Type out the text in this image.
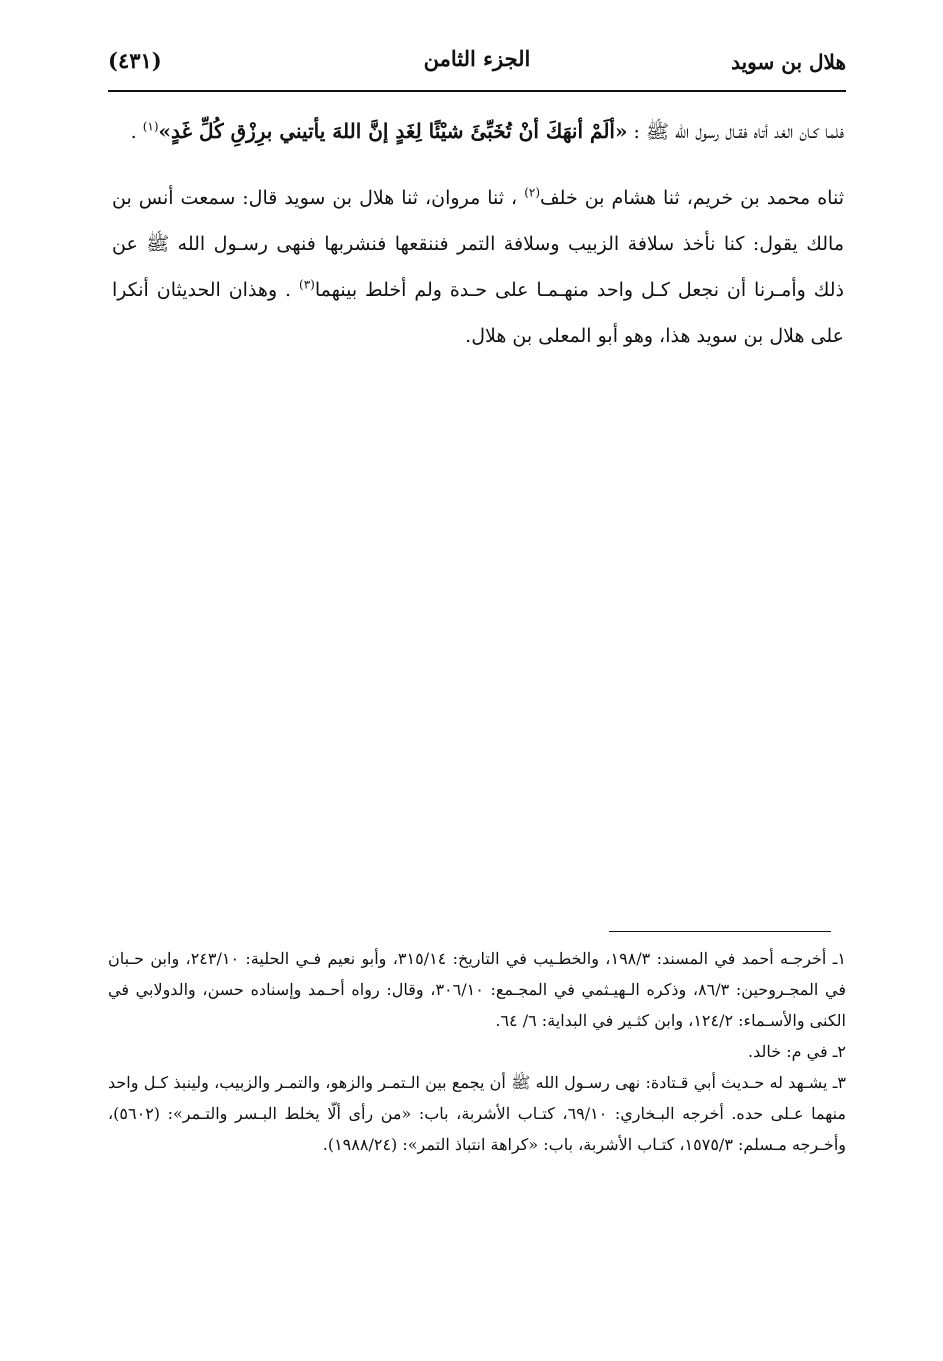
هلال بن سويد
الجزء الثامن
(٤٣١)

فلما كـان الغد أتاه فقـال رسول الله ﷺ : «ألَمْ أنهَكَ أنْ تُخَبِّئَ شيْئًا لِغَدٍ إنَّ اللهَ يأتيني برِزْقِ كُلِّ غَدٍ»$^{(١)}$ .

ثناه محمد بن خريم، ثنا هشام بن خلف$^{(٢)}$ ، ثنا مروان، ثنا هلال بن سويد قال: سمعت أنس بن مالك يقول: كنا نأخذ سلافة الزبيب وسلافة التمر فننقعها فنشربها فنهى رسـول الله ﷺ عن ذلك وأمـرنا أن نجعل كـل واحد منهـمـا على حـدة ولم أخلط بينهما$^{(٣)}$ . وهذان الحديثان أنكرا على هلال بن سويد هذا، وهو أبو المعلى بن هلال.

١ـ أخرجـه أحمد في المسند: ١٩٨/٣، والخطـيب في التاريخ: ٣١٥/١٤، وأبو نعيم فـي الحلية: ٢٤٣/١٠، وابن حـبان في المجـروحين: ٨٦/٣، وذكره الـهيـثمي في المجـمع: ٣٠٦/١٠، وقال: رواه أحـمد وإسناده حسن، والدولابي في الكنى والأسـماء: ١٢٤/٢، وابن كثـير في البداية: ٦/ ٦٤.

٢ـ في م: خالد.

٣ـ يشـهد له حـديث أبي قـتادة: نهى رسـول الله ﷺ أن يجمع بين الـتمـر والزهو، والتمـر والزبيب، ولينبذ كـل واحد منهما عـلى حده. أخرجه البـخاري: ٦٩/١٠، كتـاب الأشربة، باب: «من رأى ألّا يخلط البـسر والتـمر»: (٥٦٠٢)، وأخـرجه مـسلم: ١٥٧٥/٣، كتـاب الأشربة، باب: «كراهة انتباذ التمر»: (١٩٨٨/٢٤).
